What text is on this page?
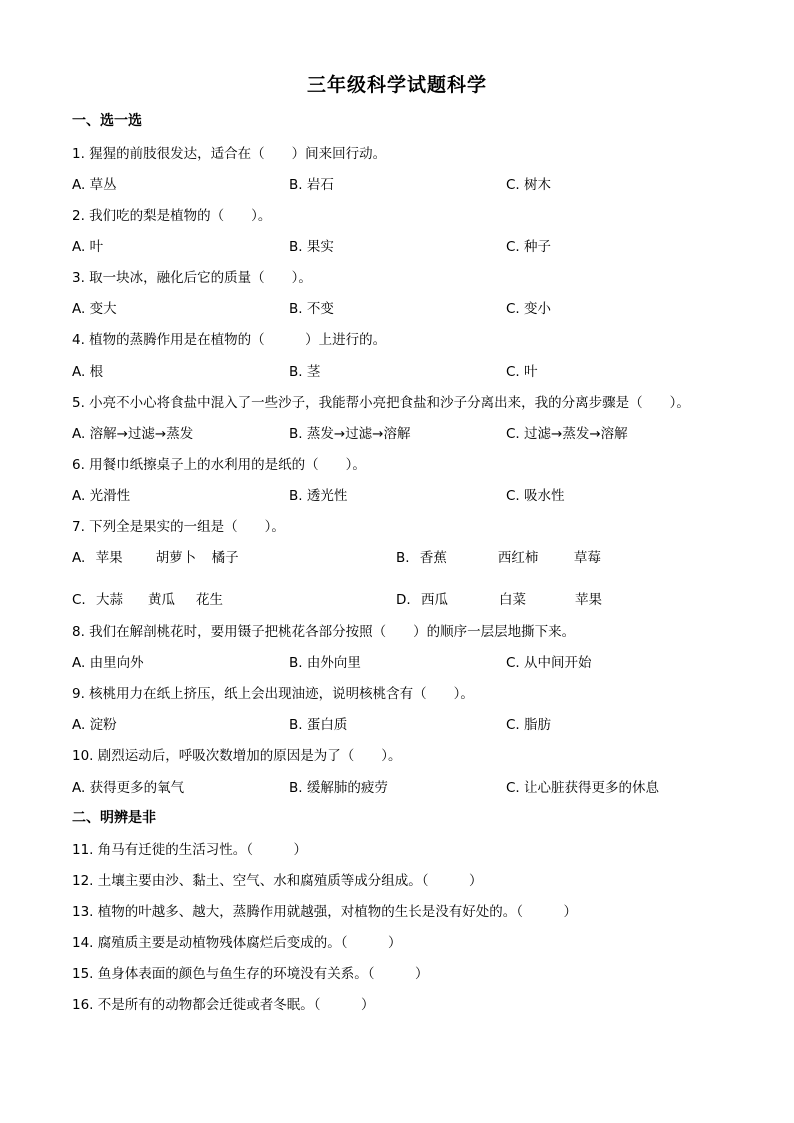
三年级科学试题科学
一、选一选
1. 猩猩的前肢很发达，适合在（　　）间来回行动。
A. 草丛	B. 岩石	C. 树木
2. 我们吃的梨是植物的（　　）。
A. 叶	B. 果实	C. 种子
3. 取一块冰，融化后它的质量（　　）。
A. 变大	B. 不变	C. 变小
4. 植物的蒸腾作用是在植物的（　　　）上进行的。
A. 根	B. 茎	C. 叶
5. 小亮不小心将食盐中混入了一些沙子，我能帮小亮把食盐和沙子分离出来，我的分离步骤是（　　）。
A. 溶解→过滤→蒸发	B. 蒸发→过滤→溶解	C. 过滤→蒸发→溶解
6. 用餐巾纸擦桌子上的水利用的是纸的（　　）。
A. 光滑性	B. 透光性	C. 吸水性
7. 下列全是果实的一组是（　　）。
A. 苹果 胡萝卜 橘子	B. 香蕉	西红柿	草莓
C. 大蒜 黄瓜 花生	D. 西瓜	白菜	苹果
8. 我们在解剖桃花时，要用镊子把桃花各部分按照（　　）的顺序一层层地撕下来。
A. 由里向外	B. 由外向里	C. 从中间开始
9. 核桃用力在纸上挤压，纸上会出现油迹，说明核桃含有（　　）。
A. 淀粉	B. 蛋白质	C. 脂肪
10. 剧烈运动后，呼吸次数增加的原因是为了（　　）。
A. 获得更多的氧气	B. 缓解肺的疲劳	C. 让心脏获得更多的休息
二、明辨是非
11. 角马有迁徙的生活习性。（　　　）
12. 土壤主要由沙、黏土、空气、水和腐殖质等成分组成。（　　　）
13. 植物的叶越多、越大，蒸腾作用就越强，对植物的生长是没有好处的。（　　　）
14. 腐殖质主要是动植物残体腐烂后变成的。（　　　）
15. 鱼身体表面的颜色与鱼生存的环境没有关系。（　　　）
16. 不是所有的动物都会迁徙或者冬眠。（　　　）
